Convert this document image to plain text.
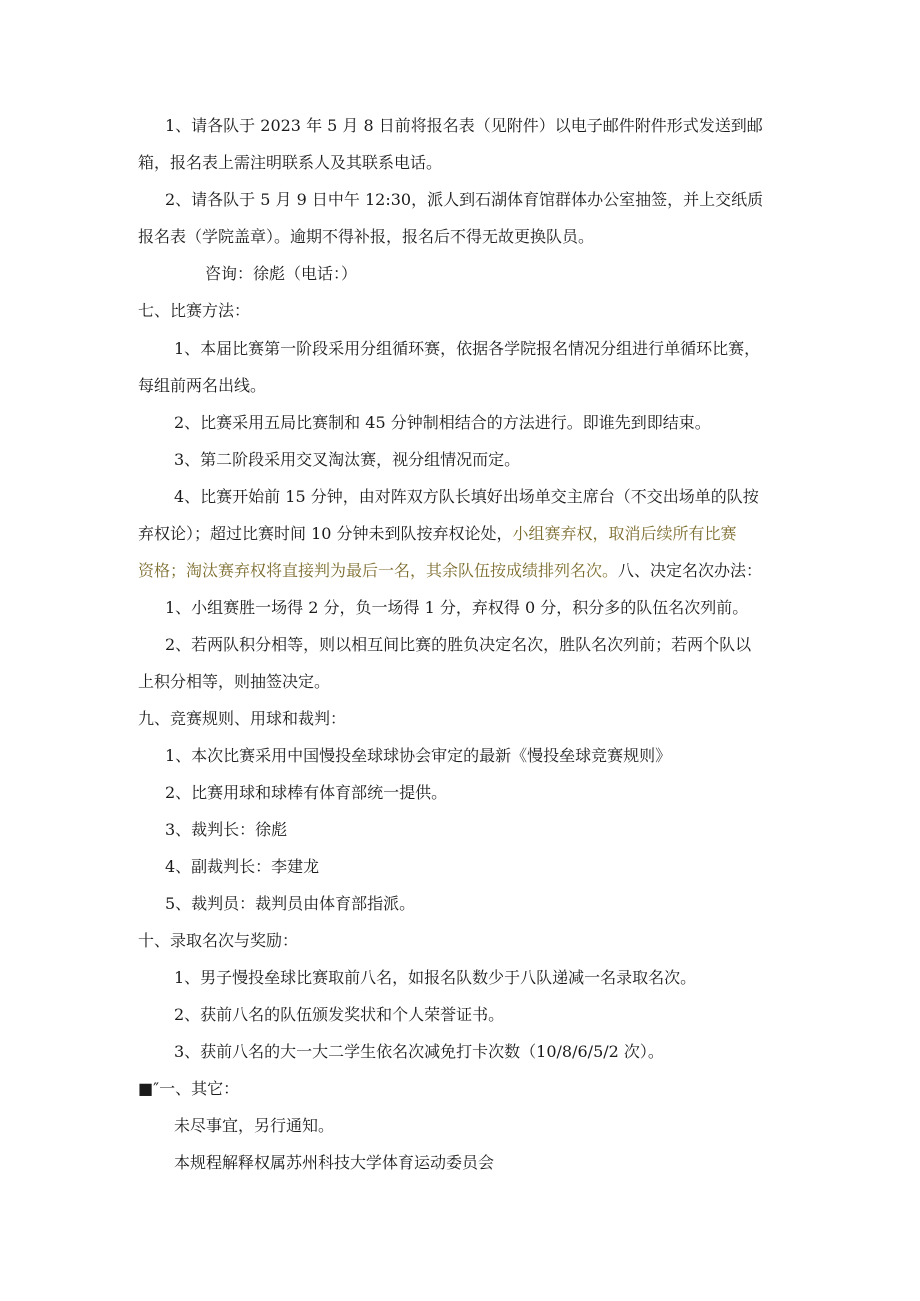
1、请各队于 2023 年 5 月 8 日前将报名表（见附件）以电子邮件附件形式发送到邮
箱，报名表上需注明联系人及其联系电话。
2、请各队于 5 月 9 日中午 12:30，派人到石湖体育馆群体办公室抽签，并上交纸质
报名表（学院盖章）。逾期不得补报，报名后不得无故更换队员。
咨询：徐彪（电话：）
七、比赛方法：
1、本届比赛第一阶段采用分组循环赛，依据各学院报名情况分组进行单循环比赛，
每组前两名出线。
2、比赛采用五局比赛制和 45 分钟制相结合的方法进行。即谁先到即结束。
3、第二阶段采用交叉淘汰赛，视分组情况而定。
4、比赛开始前 15 分钟，由对阵双方队长填好出场单交主席台（不交出场单的队按
弃权论）；超过比赛时间 10 分钟未到队按弃权论处，小组赛弃权，取消后续所有比赛
资格；淘汰赛弃权将直接判为最后一名，其余队伍按成绩排列名次。八、决定名次办法：
1、小组赛胜一场得 2 分，负一场得 1 分，弃权得 0 分，积分多的队伍名次列前。
2、若两队积分相等，则以相互间比赛的胜负决定名次，胜队名次列前；若两个队以
上积分相等，则抽签决定。
九、竞赛规则、用球和裁判：
1、本次比赛采用中国慢投垒球球协会审定的最新《慢投垒球竞赛规则》
2、比赛用球和球棒有体育部统一提供。
3、裁判长：徐彪
4、副裁判长：李建龙
5、裁判员：裁判员由体育部指派。
十、录取名次与奖励：
1、男子慢投垒球比赛取前八名，如报名队数少于八队递减一名录取名次。
2、获前八名的队伍颁发奖状和个人荣誉证书。
3、获前八名的大一大二学生依名次减免打卡次数（10/8/6/5/2 次）。
■″一、其它：
未尽事宜，另行通知。
本规程解释权属苏州科技大学体育运动委员会
